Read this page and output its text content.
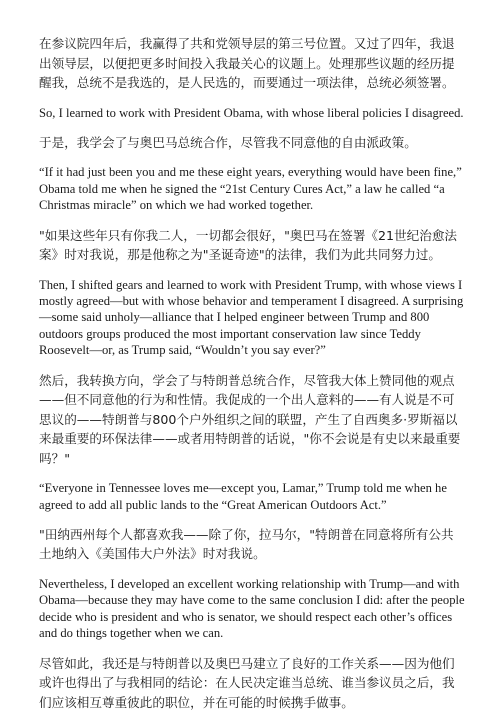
在参议院四年后，我赢得了共和党领导层的第三号位置。又过了四年，我退出领导层，以便把更多时间投入我最关心的议题上。处理那些议题的经历提醒我，总统不是我选的，是人民选的，而要通过一项法律，总统必须签署。

So, I learned to work with President Obama, with whose liberal policies I disagreed.

于是，我学会了与奥巴马总统合作，尽管我不同意他的自由派政策。

“If it had just been you and me these eight years, everything would have been fine,” Obama told me when he signed the “21st Century Cures Act,” a law he called “a Christmas miracle” on which we had worked together.

"如果这些年只有你我二人，一切都会很好，"奥巴马在签署《21世纪治愈法案》时对我说，那是他称之为"圣诞奇迹"的法律，我们为此共同努力过。

Then, I shifted gears and learned to work with President Trump, with whose views I mostly agreed—but with whose behavior and temperament I disagreed. A surprising—some said unholy—alliance that I helped engineer between Trump and 800 outdoors groups produced the most important conservation law since Teddy Roosevelt—or, as Trump said, “Wouldn’t you say ever?”

然后，我转换方向，学会了与特朗普总统合作，尽管我大体上赞同他的观点——但不同意他的行为和性情。我促成的一个出人意料的——有人说是不可思议的——特朗普与800个户外组织之间的联盟，产生了自西奥多·罗斯福以来最重要的环保法律——或者用特朗普的话说，"你不会说是有史以来最重要吗？"

“Everyone in Tennessee loves me—except you, Lamar,” Trump told me when he agreed to add all public lands to the “Great American Outdoors Act.”

"田纳西州每个人都喜欢我——除了你，拉马尔，"特朗普在同意将所有公共土地纳入《美国伟大户外法》时对我说。

Nevertheless, I developed an excellent working relationship with Trump—and with Obama—because they may have come to the same conclusion I did: after the people decide who is president and who is senator, we should respect each other’s offices and do things together when we can.

尽管如此，我还是与特朗普以及奥巴马建立了良好的工作关系——因为他们或许也得出了与我相同的结论：在人民决定谁当总统、谁当参议员之后，我们应该相互尊重彼此的职位，并在可能的时候携手做事。
